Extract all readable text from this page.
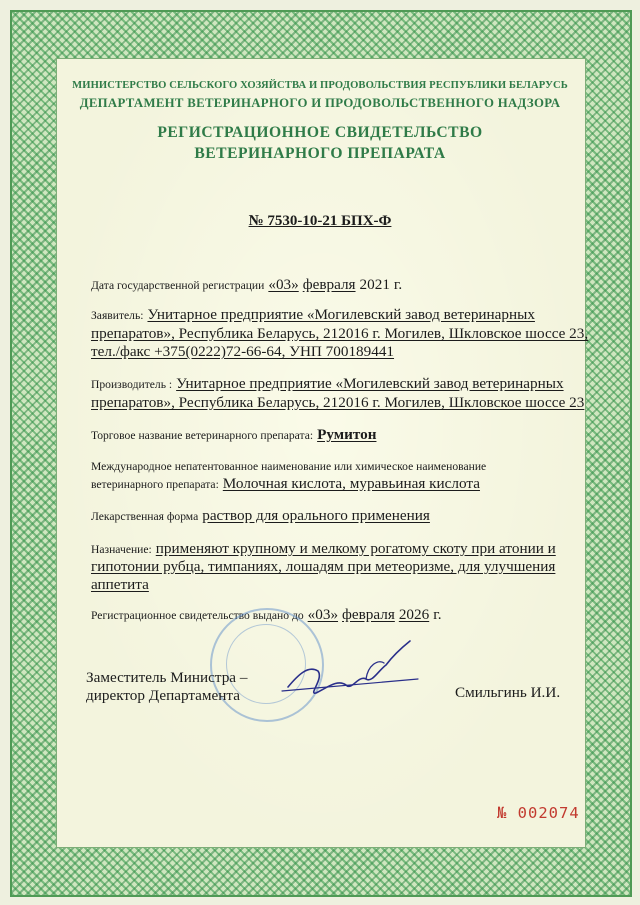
МИНИСТЕРСТВО СЕЛЬСКОГО ХОЗЯЙСТВА И ПРОДОВОЛЬСТВИЯ РЕСПУБЛИКИ БЕЛАРУСЬ
ДЕПАРТАМЕНТ ВЕТЕРИНАРНОГО И ПРОДОВОЛЬСТВЕННОГО НАДЗОРА
РЕГИСТРАЦИОННОЕ СВИДЕТЕЛЬСТВО
ВЕТЕРИНАРНОГО ПРЕПАРАТА
№ 7530-10-21 БПХ-Ф
Дата государственной регистрации «03» февраля 2021 г.
Заявитель: Унитарное предприятие «Могилевский завод ветеринарных
препаратов», Республика Беларусь, 212016 г. Могилев, Шкловское шоссе 23,
тел./факс +375(0222)72-66-64, УНП 700189441
Производитель : Унитарное предприятие «Могилевский завод ветеринарных
препаратов», Республика Беларусь, 212016 г. Могилев, Шкловское шоссе 23
Торговое название ветеринарного препарата: Румитон
Международное непатентованное наименование или химическое наименование
ветеринарного препарата: Молочная кислота, муравьиная кислота
Лекарственная форма раствор для орального применения
Назначение: применяют крупному и мелкому рогатому скоту при атонии и
гипотонии рубца, тимпаниях, лошадям при метеоризме, для улучшения
аппетита
Регистрационное свидетельство выдано до «03» февраля 2026 г.
Заместитель Министра –
директор Департамента	Смильгинь И.И.
№ 002074
